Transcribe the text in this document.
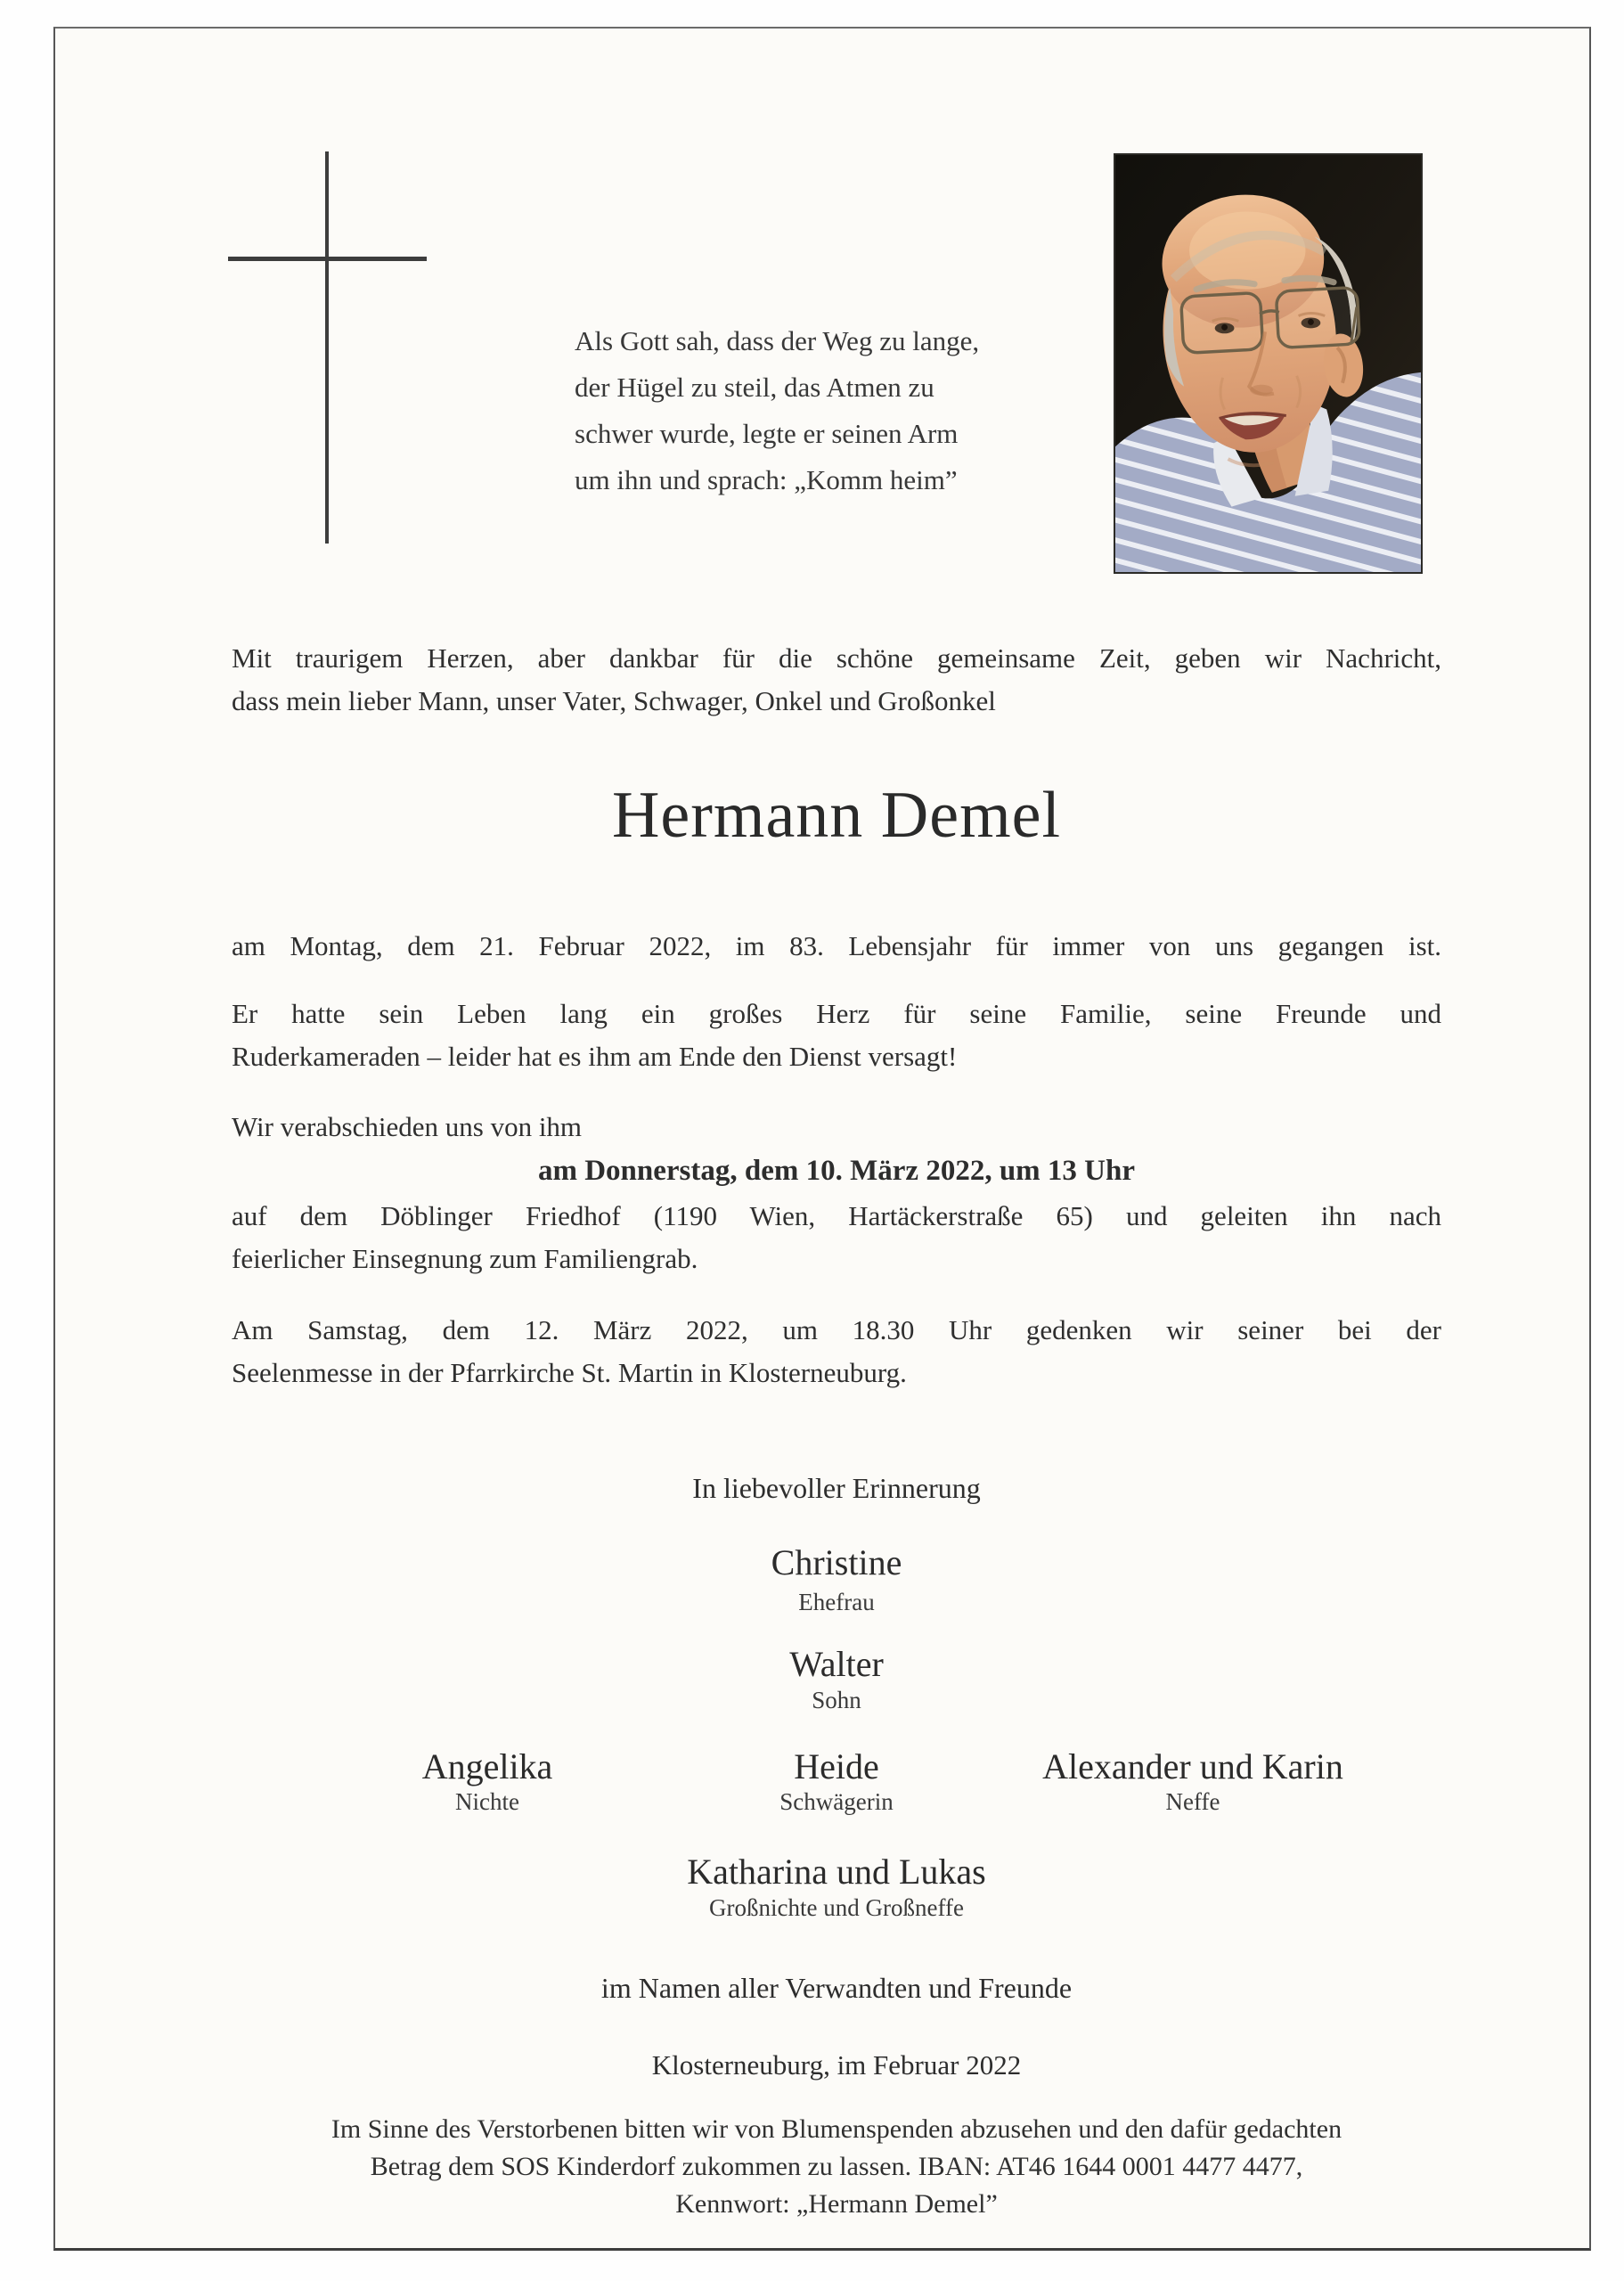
Als Gott sah, dass der Weg zu lange,
der Hügel zu steil, das Atmen zu
schwer wurde, legte er seinen Arm
um ihn und sprach: „Komm heim”
Mit traurigem Herzen, aber dankbar für die schöne gemeinsame Zeit, geben wir Nachricht,
dass mein lieber Mann, unser Vater, Schwager, Onkel und Großonkel
Hermann Demel
am Montag, dem 21. Februar 2022, im 83. Lebensjahr für immer von uns gegangen ist.
Er hatte sein Leben lang ein großes Herz für seine Familie, seine Freunde und
Ruderkameraden – leider hat es ihm am Ende den Dienst versagt!
Wir verabschieden uns von ihm
am Donnerstag, dem 10. März 2022, um 13 Uhr
auf dem Döblinger Friedhof (1190 Wien, Hartäckerstraße 65) und geleiten ihn nach
feierlicher Einsegnung zum Familiengrab.
Am Samstag, dem 12. März 2022, um 18.30 Uhr gedenken wir seiner bei der
Seelenmesse in der Pfarrkirche St. Martin in Klosterneuburg.
In liebevoller Erinnerung
Christine
Ehefrau
Walter
Sohn
Angelika
Nichte
Heide
Schwägerin
Alexander und Karin
Neffe
Katharina und Lukas
Großnichte und Großneffe
im Namen aller Verwandten und Freunde
Klosterneuburg, im Februar 2022
Im Sinne des Verstorbenen bitten wir von Blumenspenden abzusehen und den dafür gedachten
Betrag dem SOS Kinderdorf zukommen zu lassen. IBAN: AT46 1644 0001 4477 4477,
Kennwort: „Hermann Demel”
